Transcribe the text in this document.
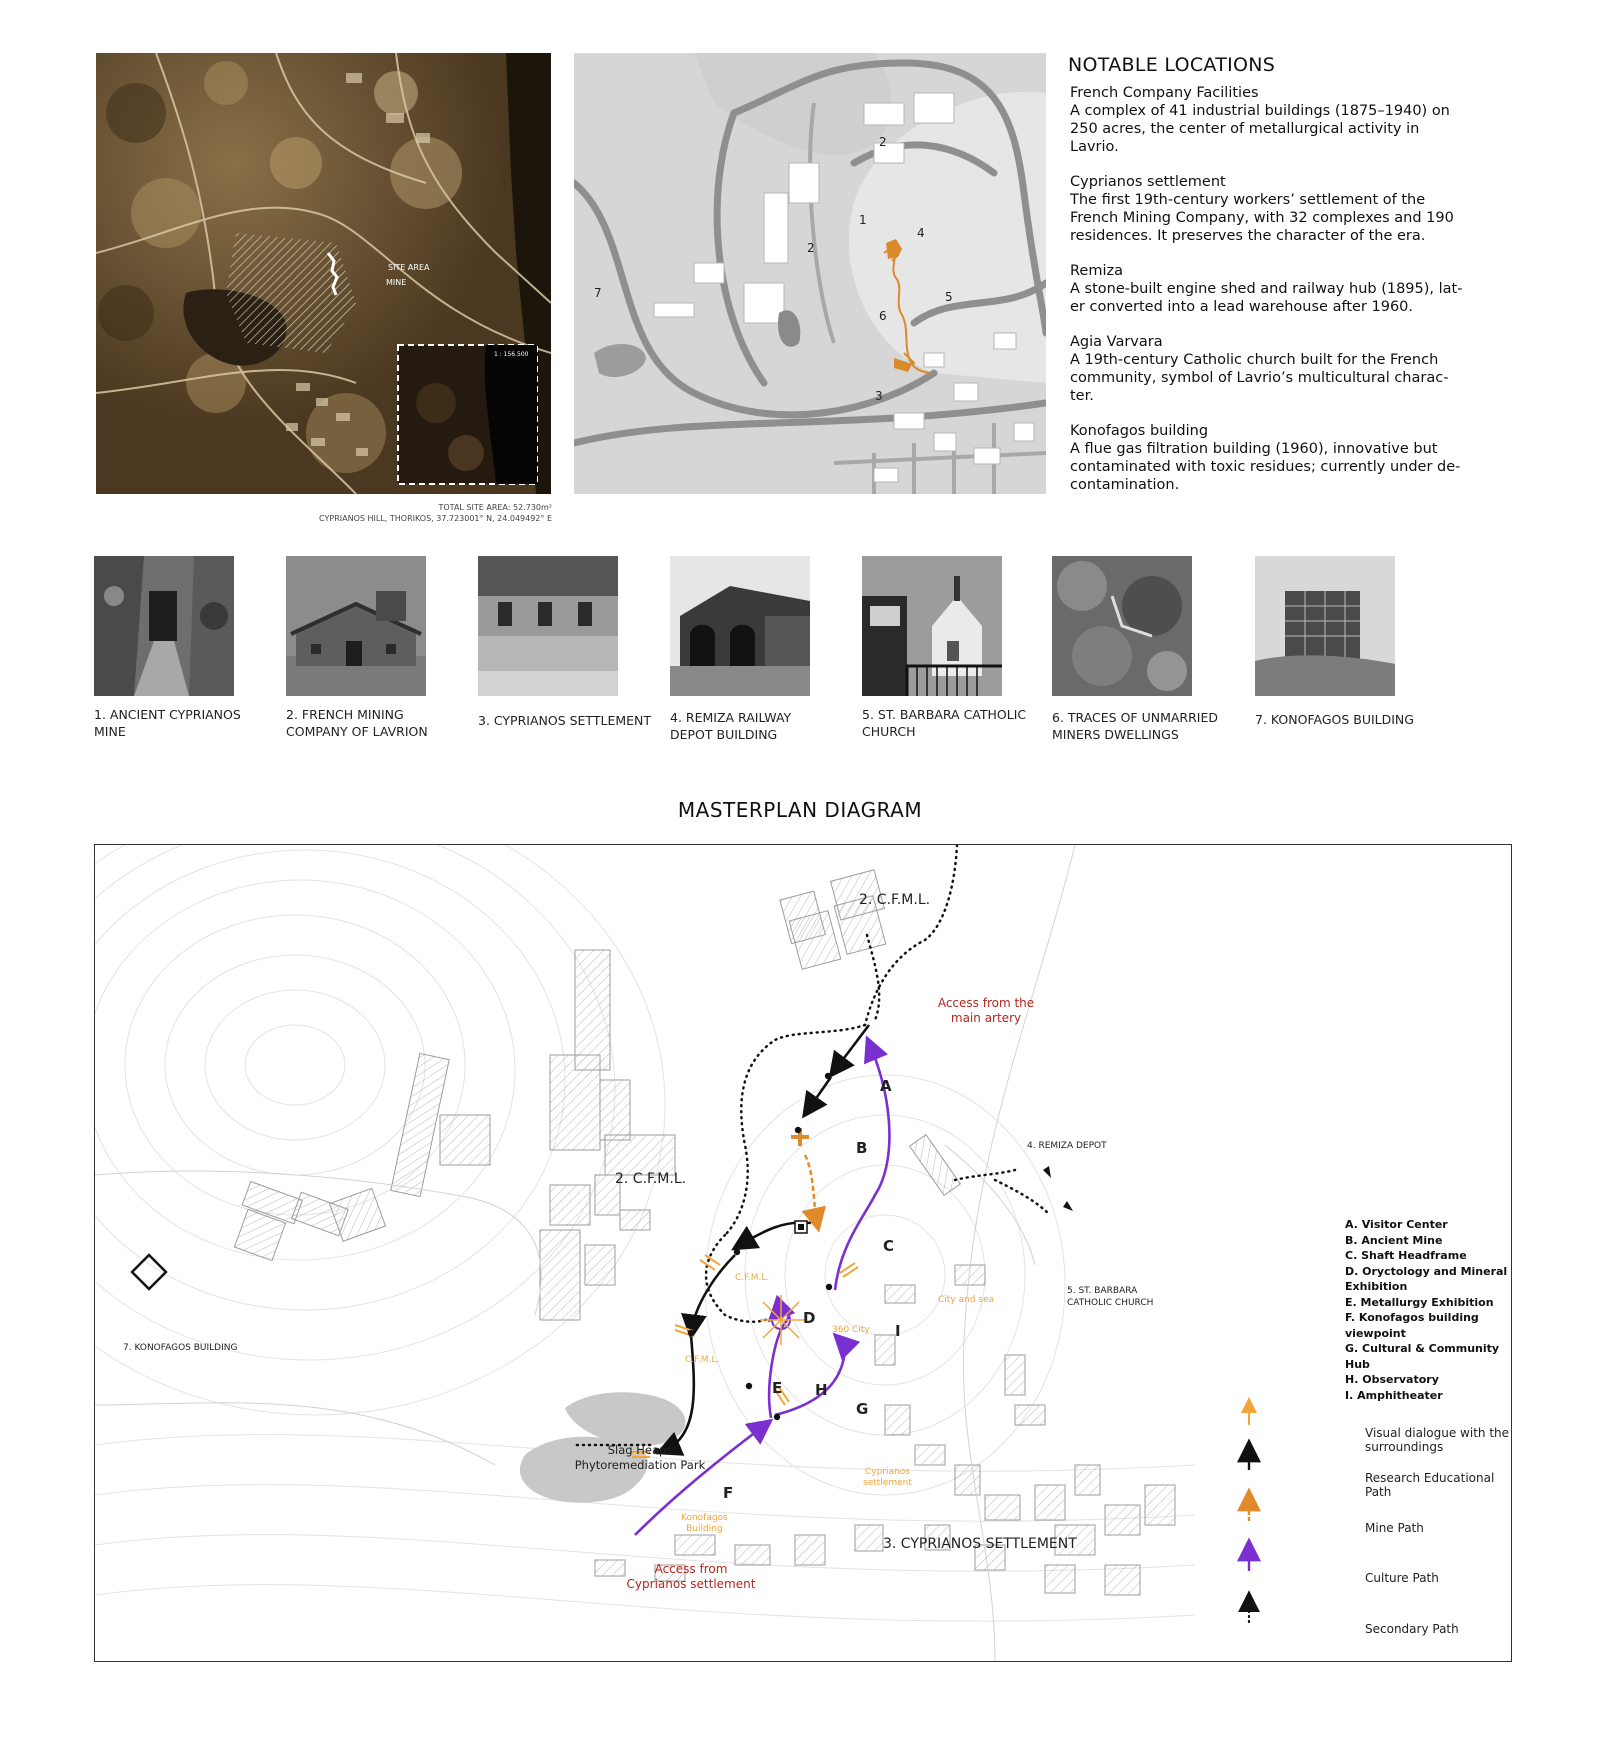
SITE AREA
MINE
1 : 156.500
TOTAL SITE AREA: 52.730m²
CYPRIANOS HILL, THORIKOS, 37.723001° N, 24.049492° E
2
1
2
3
4
5
6
7
NOTABLE LOCATIONS
French Company Facilities
A complex of 41 industrial buildings (1875–1940) on 250 acres, the center of metallurgical activity in Lavrio.
Cyprianos settlement
The first 19th-century workers’ settlement of the French Mining Company, with 32 complexes and 190 residences. It preserves the character of the era.
Remiza
A stone-built engine shed and railway hub (1895), lat-er converted into a lead warehouse after 1960.
Agia Varvara
A 19th-century Catholic church built for the French community, symbol of Lavrio’s multicultural charac-ter.
Konofagos building
A flue gas filtration building (1960), innovative but contaminated with toxic residues; currently under de-contamination.
1. ANCIENT CYPRIANOS
MINE
2. FRENCH MINING
COMPANY OF LAVRION
3. CYPRIANOS SETTLEMENT 4. REMIZA RAILWAY
DEPOT BUILDING
5. ST. BARBARA CATHOLIC
CHURCH
6. TRACES OF UNMARRIED
MINERS DWELLINGS
7. KONOFAGOS BUILDING
MASTERPLAN DIAGRAM
2. C.F.M.L.
2. C.F.M.L.
Access from the
main artery
4. REMIZA DEPOT
5. ST. BARBARA
CATHOLIC CHURCH
7. KONOFAGOS BUILDING
Slag Heaps
Phytoremediation Park
3. CYPRIANOS SETTLEMENT
Access from
Cyprianos settlement
C.F.M.L.
C.F.M.L.
City and sea
360 City
Cyprianos
settlement
Konofagos
Building
A
B
C
D
E
F
G
H
I
A. Visitor Center
B. Ancient Mine
C. Shaft Headframe
D. Oryctology and Mineral Exhibition
E. Metallurgy Exhibition
F. Konofagos building viewpoint
G. Cultural & Community Hub
H. Observatory
I. Amphitheater
Visual dialogue with the surroundings
Research Educational Path
Mine Path
Culture Path
Secondary Path
